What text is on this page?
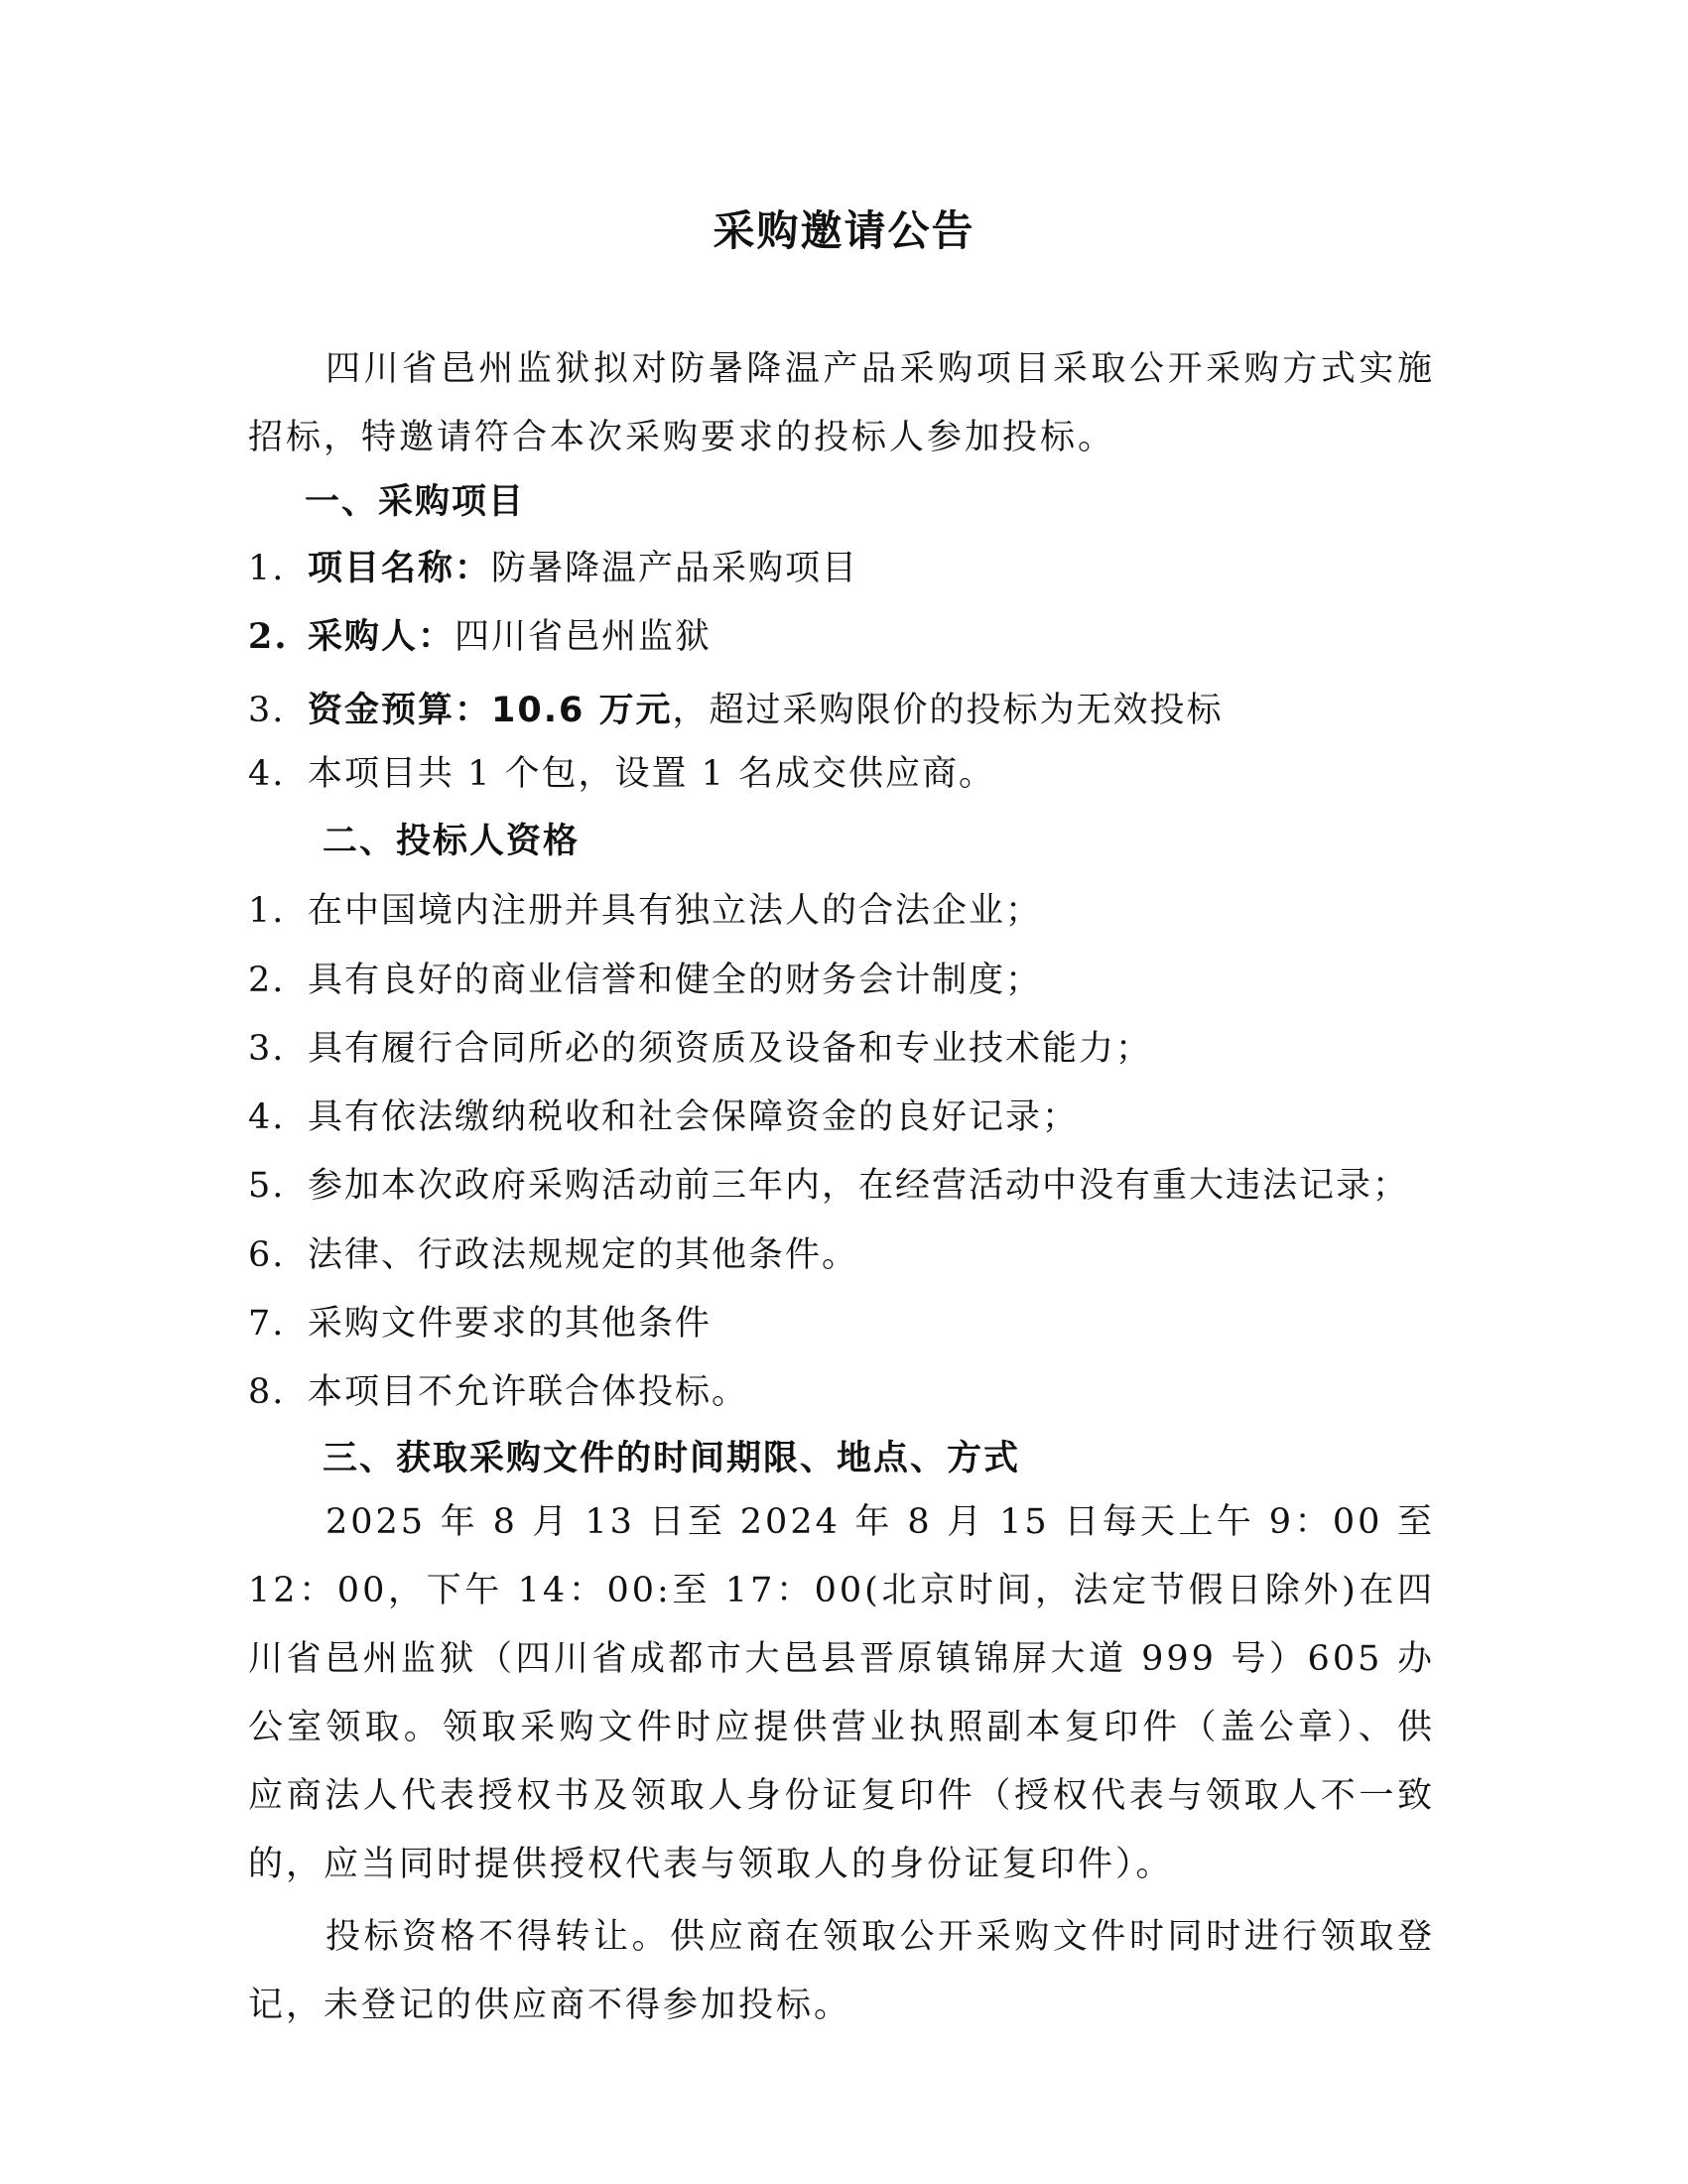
采购邀请公告
四川省邑州监狱拟对防暑降温产品采购项目采取公开采购方式实施招标，特邀请符合本次采购要求的投标人参加投标。
一、采购项目
1. 项目名称：防暑降温产品采购项目
2. 采购人：四川省邑州监狱
3. 资金预算：10.6 万元，超过采购限价的投标为无效投标
4. 本项目共 1 个包，设置 1 名成交供应商。
二、投标人资格
1. 在中国境内注册并具有独立法人的合法企业；
2. 具有良好的商业信誉和健全的财务会计制度；
3. 具有履行合同所必的须资质及设备和专业技术能力；
4. 具有依法缴纳税收和社会保障资金的良好记录；
5. 参加本次政府采购活动前三年内，在经营活动中没有重大违法记录；
6. 法律、行政法规规定的其他条件。
7. 采购文件要求的其他条件
8. 本项目不允许联合体投标。
三、获取采购文件的时间期限、地点、方式
2025 年 8 月 13 日至 2024 年 8 月 15 日每天上午 9：00 至 12：00，下午 14：00:至 17：00(北京时间，法定节假日除外)在四川省邑州监狱（四川省成都市大邑县晋原镇锦屏大道 999 号）605 办公室领取。领取采购文件时应提供营业执照副本复印件（盖公章）、供应商法人代表授权书及领取人身份证复印件（授权代表与领取人不一致的，应当同时提供授权代表与领取人的身份证复印件）。
投标资格不得转让。供应商在领取公开采购文件时同时进行领取登记，未登记的供应商不得参加投标。
